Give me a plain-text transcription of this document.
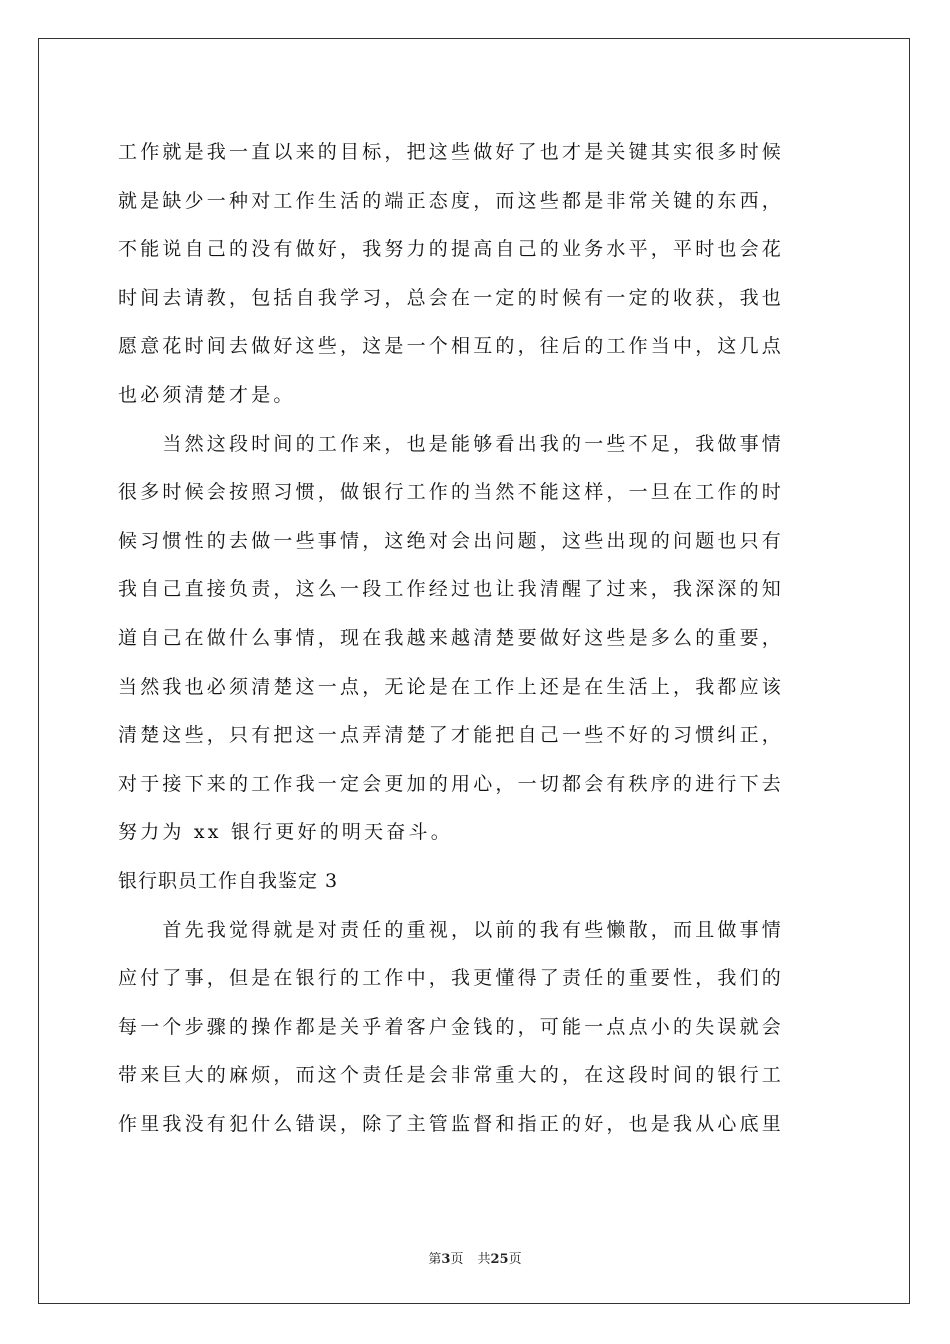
工作就是我一直以来的目标，把这些做好了也才是关键其实很多时候
就是缺少一种对工作生活的端正态度，而这些都是非常关键的东西，
不能说自己的没有做好，我努力的提高自己的业务水平，平时也会花
时间去请教，包括自我学习，总会在一定的时候有一定的收获，我也
愿意花时间去做好这些，这是一个相互的，往后的工作当中，这几点
也必须清楚才是。
　　当然这段时间的工作来，也是能够看出我的一些不足，我做事情
很多时候会按照习惯，做银行工作的当然不能这样，一旦在工作的时
候习惯性的去做一些事情，这绝对会出问题，这些出现的问题也只有
我自己直接负责，这么一段工作经过也让我清醒了过来，我深深的知
道自己在做什么事情，现在我越来越清楚要做好这些是多么的重要，
当然我也必须清楚这一点，无论是在工作上还是在生活上，我都应该
清楚这些，只有把这一点弄清楚了才能把自己一些不好的习惯纠正，
对于接下来的工作我一定会更加的用心，一切都会有秩序的进行下去
努力为 xx 银行更好的明天奋斗。
银行职员工作自我鉴定 3
　　首先我觉得就是对责任的重视，以前的我有些懒散，而且做事情
应付了事，但是在银行的工作中，我更懂得了责任的重要性，我们的
每一个步骤的操作都是关乎着客户金钱的，可能一点点小的失误就会
带来巨大的麻烦，而这个责任是会非常重大的，在这段时间的银行工
作里我没有犯什么错误，除了主管监督和指正的好，也是我从心底里
第3页 共25页
